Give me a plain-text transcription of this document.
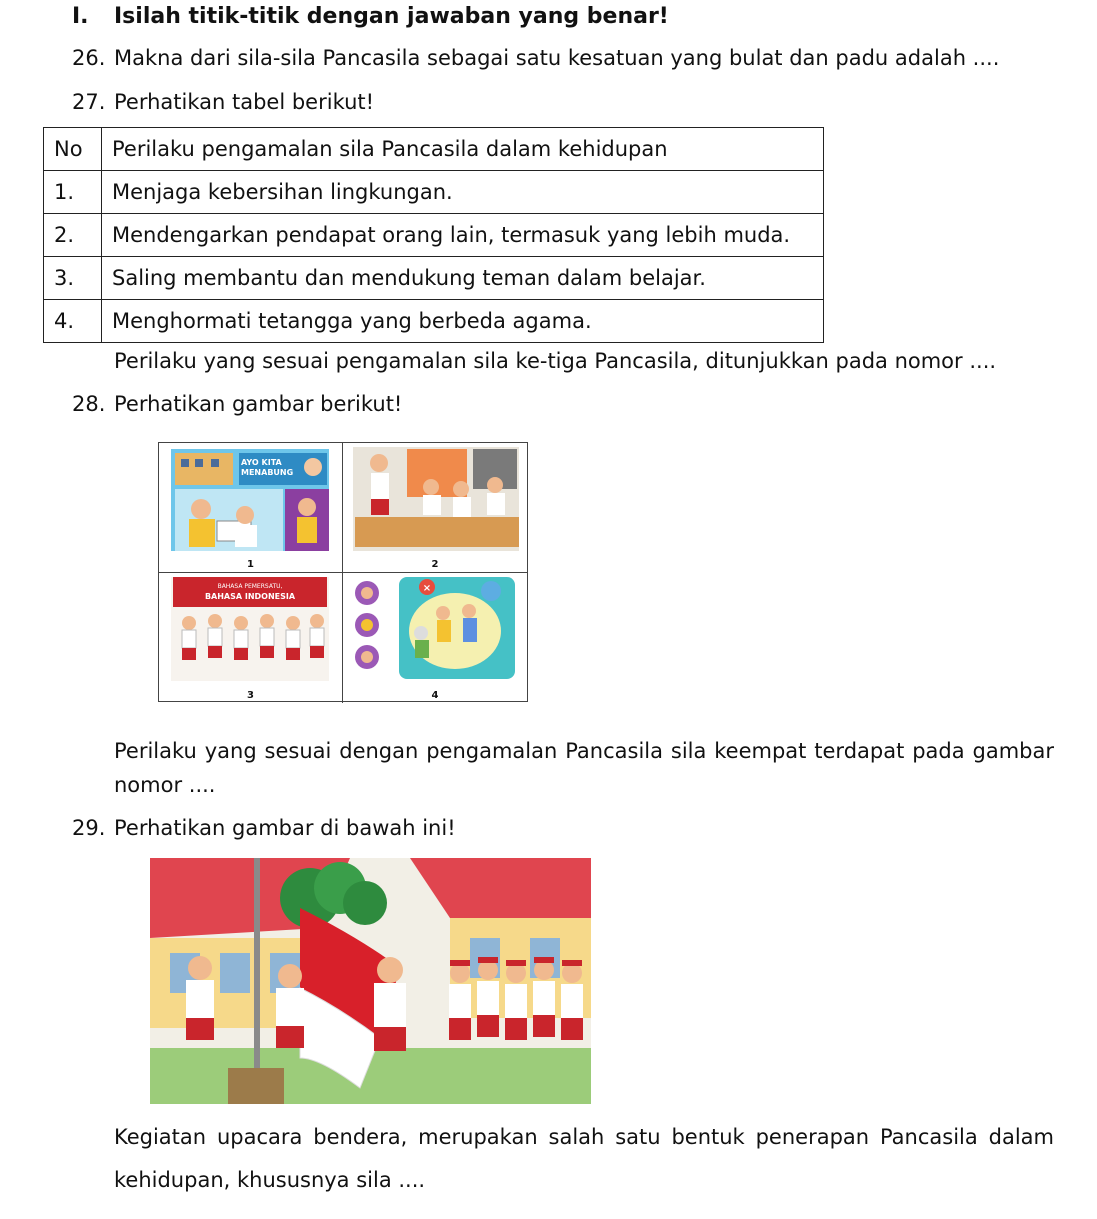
I. Isilah titik-titik dengan jawaban yang benar!
26. Makna dari sila-sila Pancasila sebagai satu kesatuan yang bulat dan padu adalah ....
27. Perhatikan tabel berikut!
No	Perilaku pengamalan sila Pancasila dalam kehidupan
1.	Menjaga kebersihan lingkungan.
2.	Mendengarkan pendapat orang lain, termasuk yang lebih muda.
3.	Saling membantu dan mendukung teman dalam belajar.
4.	Menghormati tetangga yang berbeda agama.
Perilaku yang sesuai pengamalan sila ke-tiga Pancasila, ditunjukkan pada nomor ....
28. Perhatikan gambar berikut!
AYO KITA
MENABUNG
1	2
BAHASA PEMERSATU,
BAHASA INDONESIA
3
×
4
Perilaku yang sesuai dengan pengamalan Pancasila sila keempat terdapat pada gambar
nomor ....
29. Perhatikan gambar di bawah ini!
Kegiatan upacara bendera, merupakan salah satu bentuk penerapan Pancasila dalam
kehidupan, khususnya sila ....
